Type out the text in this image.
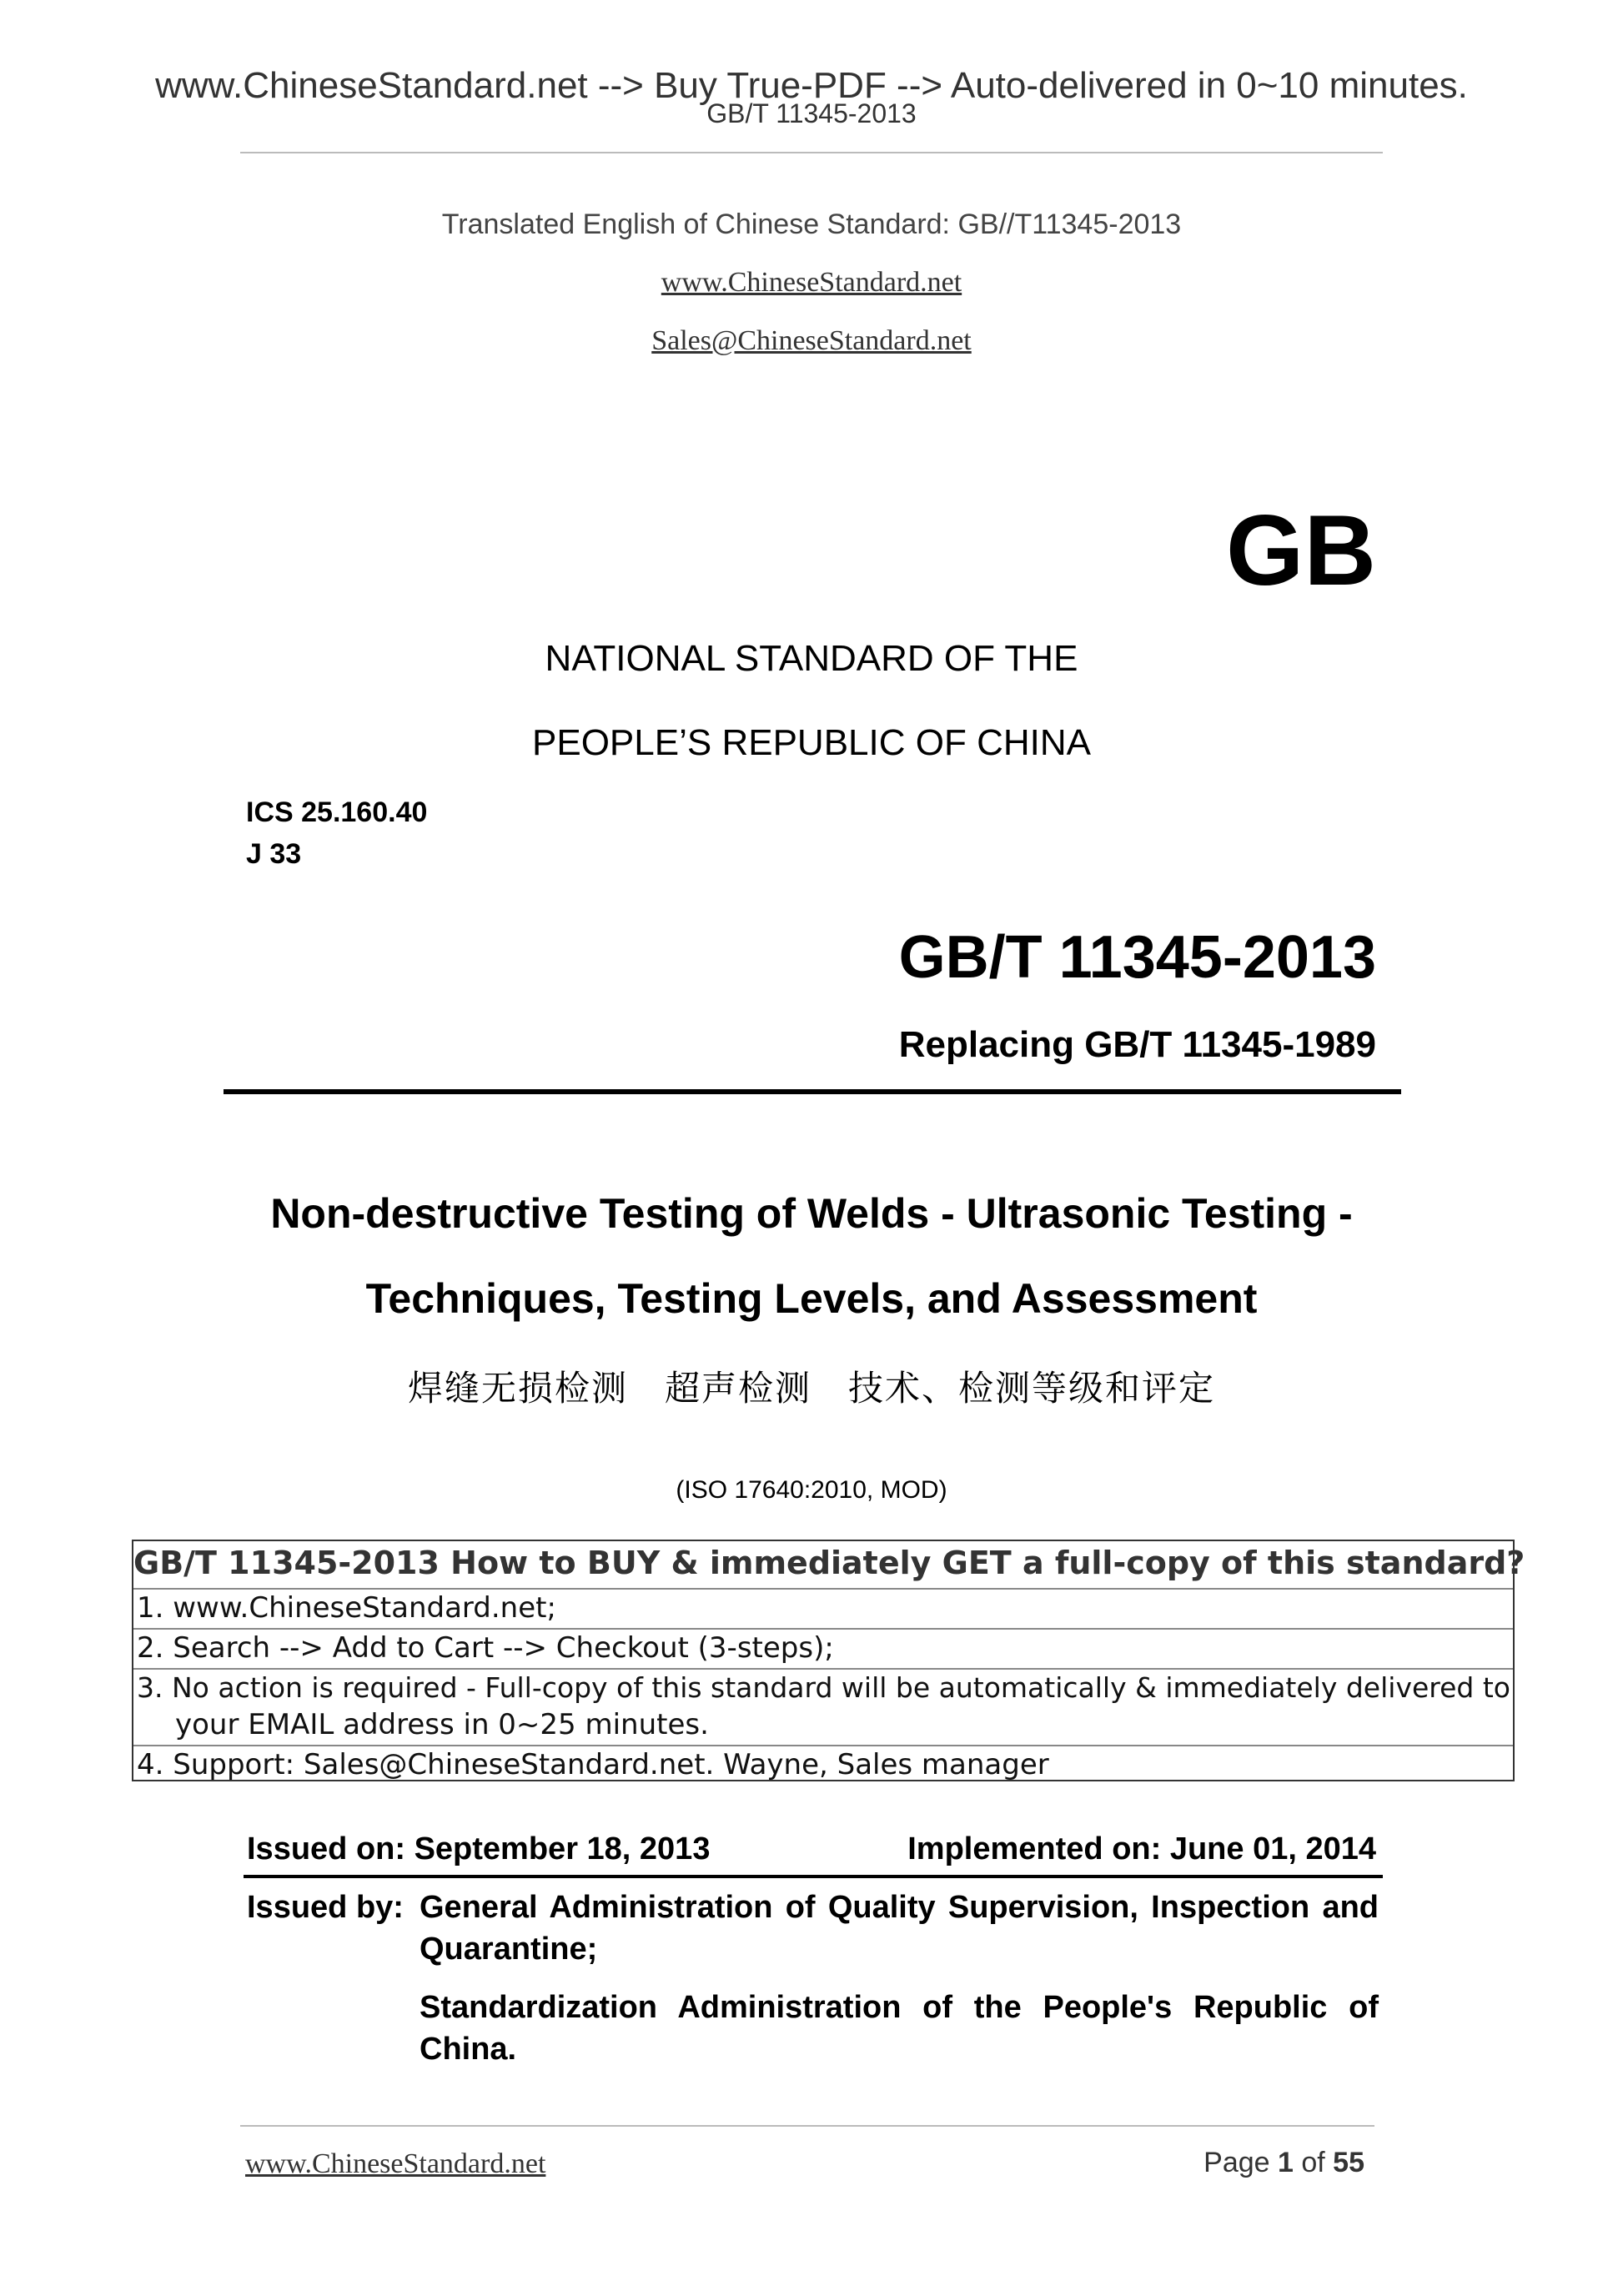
www.ChineseStandard.net --> Buy True-PDF --> Auto-delivered in 0~10 minutes.
GB/T 11345-2013
Translated English of Chinese Standard: GB//T11345-2013
www.ChineseStandard.net
Sales@ChineseStandard.net
GB
NATIONAL STANDARD OF THE
PEOPLE’S REPUBLIC OF CHINA
ICS 25.160.40
J 33
GB/T 11345-2013
Replacing GB/T 11345-1989
Non-destructive Testing of Welds - Ultrasonic Testing -
Techniques, Testing Levels, and Assessment
焊缝无损检测　超声检测　技术、检测等级和评定
(ISO 17640:2010, MOD)
GB/T 11345-2013 How to BUY & immediately GET a full-copy of this standard?
1. www.ChineseStandard.net;
2. Search --> Add to Cart --> Checkout (3-steps);
3. No action is required - Full-copy of this standard will be automatically & immediately delivered to
your EMAIL address in 0~25 minutes.
4. Support: Sales@ChineseStandard.net. Wayne, Sales manager
Issued on: September 18, 2013	Implemented on: June 01, 2014
Issued by: General Administration of Quality Supervision, Inspection and
Quarantine;
Standardization  Administration  of  the  People's  Republic  of
China.
www.ChineseStandard.net	Page 1 of 55
